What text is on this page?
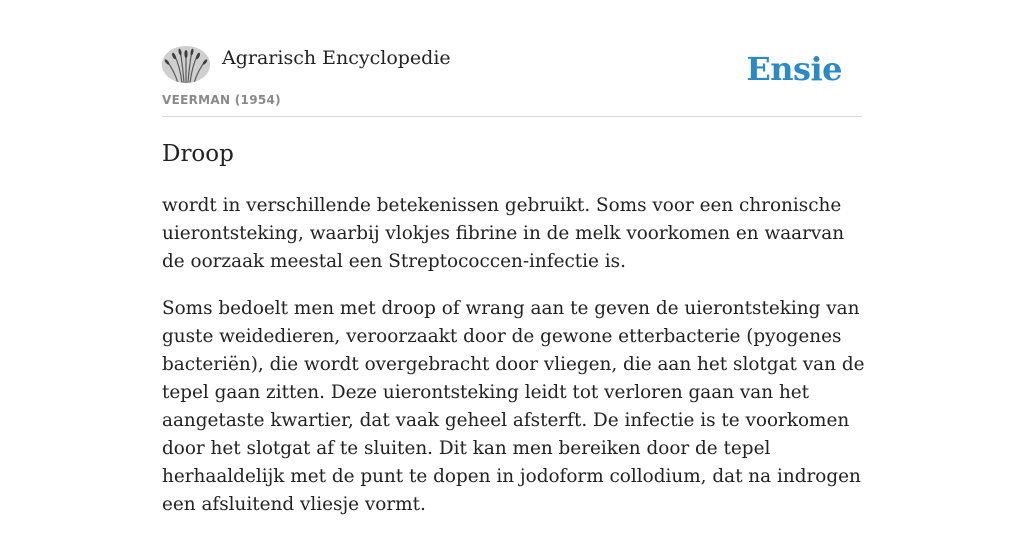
Agrarisch Encyclopedie
VEERMAN (1954)
Ensie
Droop

wordt in verschillende betekenissen gebruikt. Soms voor een chronische uierontsteking, waarbij vlokjes fibrine in de melk voorkomen en waarvan de oorzaak meestal een Streptococcen-infectie is.

Soms bedoelt men met droop of wrang aan te geven de uierontsteking van guste weidedieren, veroorzaakt door de gewone etterbacterie (pyogenes bacteriën), die wordt overgebracht door vliegen, die aan het slotgat van de tepel gaan zitten. Deze uierontsteking leidt tot verloren gaan van het aangetaste kwartier, dat vaak geheel afsterft. De infectie is te voorkomen door het slotgat af te sluiten. Dit kan men bereiken door de tepel herhaaldelijk met de punt te dopen in jodoform collodium, dat na indrogen een afsluitend vliesje vormt.
